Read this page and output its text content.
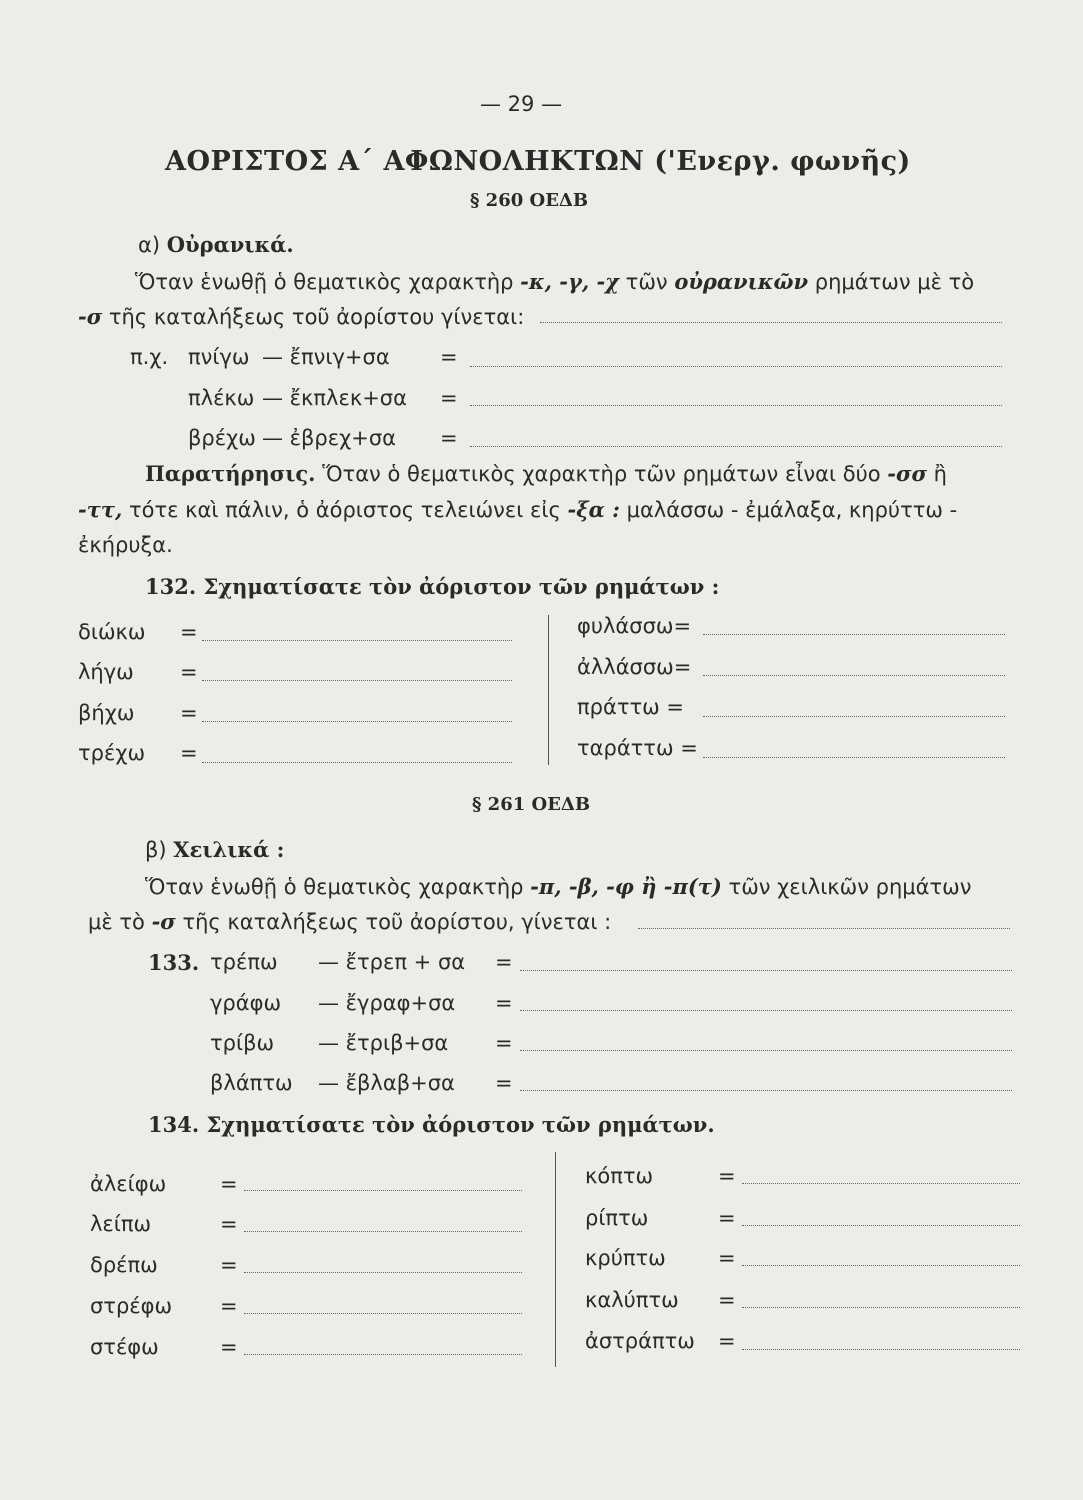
— 29 —
ΑΟΡΙΣΤΟΣ Α΄ ΑΦΩΝΟΛΗΚΤΩΝ ('Ενεργ. φωνῆς)
§ 260 ΟΕΔΒ
α) Οὐρανικά.
Ὅταν ἑνωθῇ ὁ θεματικὸς χαρακτὴρ -κ, -γ, -χ τῶν οὐρανικῶν ρημάτων μὲ τὸ
-σ τῆς καταλήξεως τοῦ ἀορίστου γίνεται:
π.χ. πνίγω — ἔπνιγ+σα =
πλέκω — ἔκπλεκ+σα =
βρέχω — ἐβρεχ+σα =
Παρατήρησις. Ὅταν ὁ θεματικὸς χαρακτὴρ τῶν ρημάτων εἶναι δύο -σσ ἢ
-ττ, τότε καὶ πάλιν, ὁ ἀόριστος τελειώνει εἰς -ξα : μαλάσσω - ἐμάλαξα, κηρύττω -
ἐκήρυξα.
132. Σχηματίσατε τὸν ἀόριστον τῶν ρημάτων :
διώκω =
λήγω =
βήχω =
τρέχω =
φυλάσσω=
ἀλλάσσω=
πράττω =
ταράττω =
§ 261 ΟΕΔΒ
β) Χειλικά :
Ὅταν ἑνωθῇ ὁ θεματικὸς χαρακτὴρ -π, -β, -φ ἢ -π(τ) τῶν χειλικῶν ρημάτων
μὲ τὸ -σ τῆς καταλήξεως τοῦ ἀορίστου, γίνεται :
133. τρέπω — ἔτρεπ + σα =
γράφω — ἔγραφ+σα =
τρίβω — ἔτριβ+σα =
βλάπτω — ἔβλαβ+σα =
134. Σχηματίσατε τὸν ἀόριστον τῶν ρημάτων.
ἀλείφω	=
λείπω	=
δρέπω	=
στρέφω =
στέφω	=
κόπτω	=
ρίπτω	=
κρύπτω =
καλύπτω =
ἀστράπτω =
